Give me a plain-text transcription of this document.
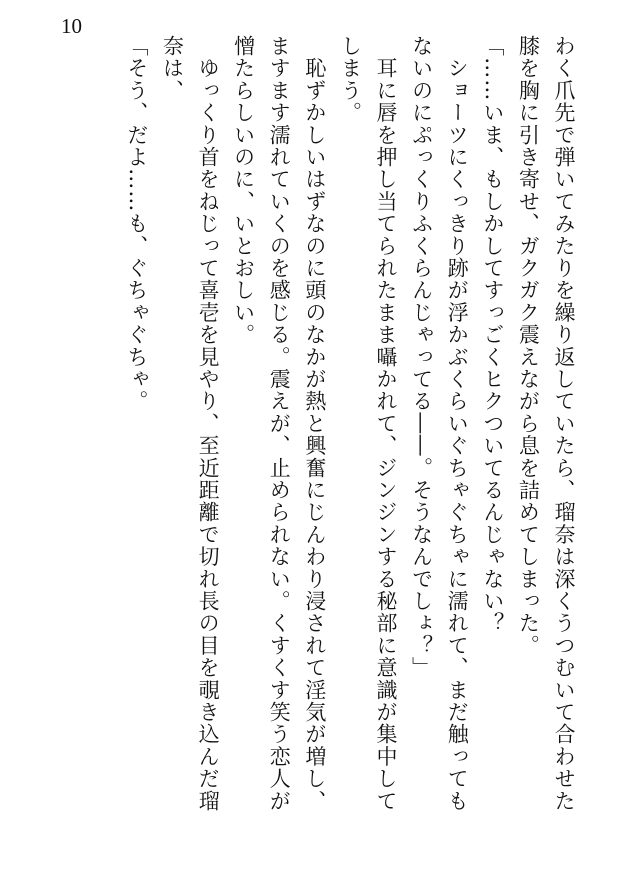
10
わく爪先で弾いてみたりを繰り返していたら、瑠奈は深くうつむいて合わせた
膝を胸に引き寄せ、ガクガク震えながら息を詰めてしまった。
「……いま、もしかしてすっごくヒクついてるんじゃない？
　ショーツにくっきり跡が浮かぶくらいぐちゃぐちゃに濡れて、まだ触っても
ないのにぷっくりふくらんじゃってる――。そうなんでしょ？」
　耳に唇を押し当てられたまま囁かれて、ジンジンする秘部に意識が集中して
しまう。
　恥ずかしいはずなのに頭のなかが熱と興奮にじんわり浸されて淫気が増し、
ますます濡れていくのを感じる。震えが、止められない。くすくす笑う恋人が
憎たらしいのに、いとおしい。
　ゆっくり首をねじって喜壱を見やり、至近距離で切れ長の目を覗き込んだ瑠
奈は、
「そう、だよ……も、ぐちゃぐちゃ。
